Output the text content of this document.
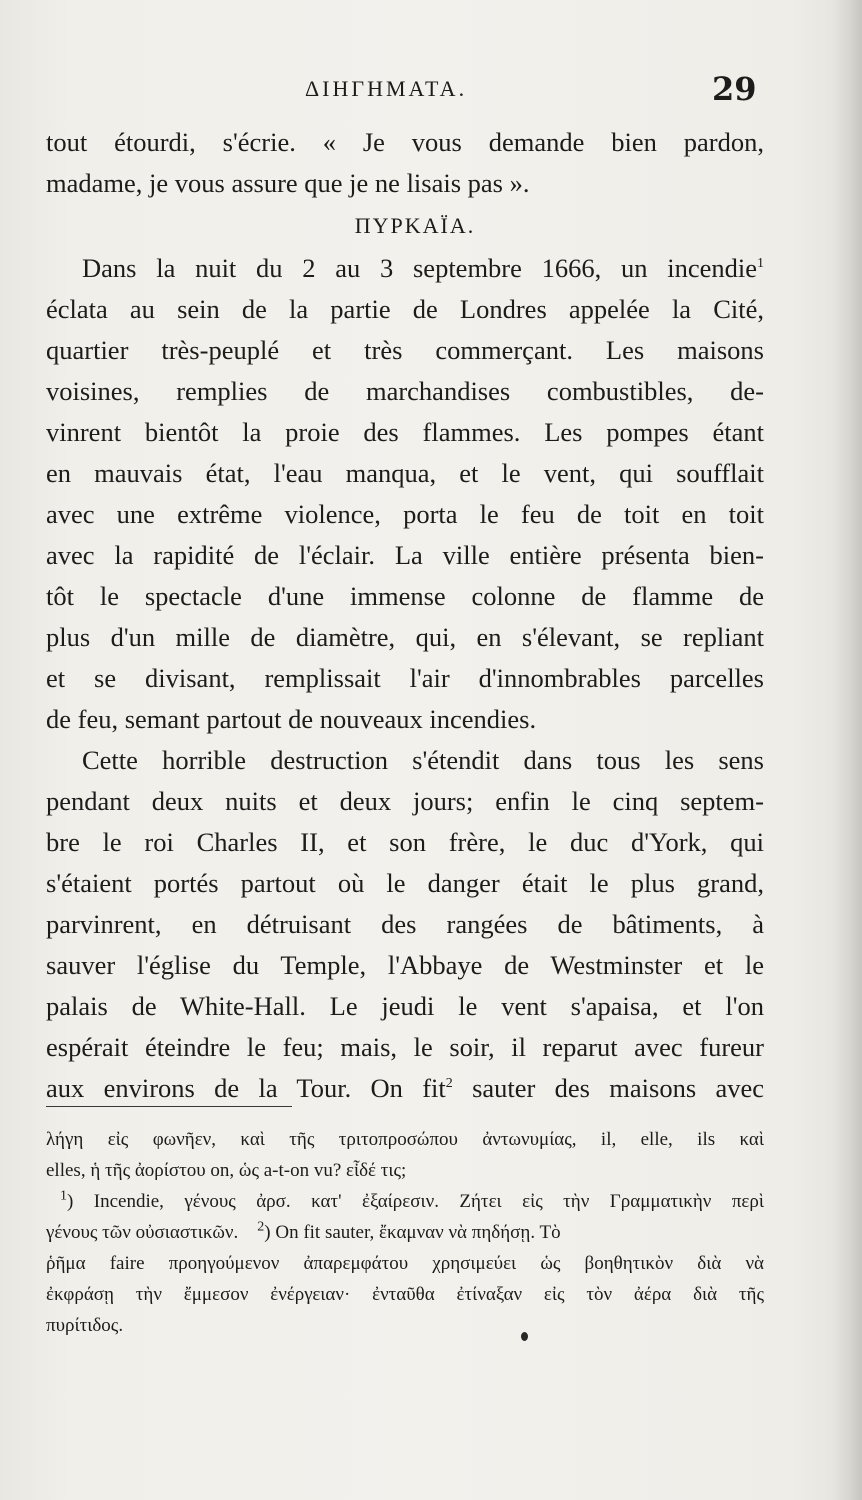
ΔΙΗΓΗΜΑΤΑ.	29
tout étourdi, s'écrie. « Je vous demande bien pardon,
madame, je vous assure que je ne lisais pas ».
ΠΥΡΚΑΪΑ.
Dans la nuit du 2 au 3 septembre 1666, un incendie$^1$
éclata au sein de la partie de Londres appelée la Cité,
quartier très-peuplé et très commerçant. Les maisons
voisines, remplies de marchandises combustibles, de-
vinrent bientôt la proie des flammes. Les pompes étant
en mauvais état, l'eau manqua, et le vent, qui soufflait
avec une extrême violence, porta le feu de toit en toit
avec la rapidité de l'éclair. La ville entière présenta bien-
tôt le spectacle d'une immense colonne de flamme de
plus d'un mille de diamètre, qui, en s'élevant, se repliant
et se divisant, remplissait l'air d'innombrables parcelles
de feu, semant partout de nouveaux incendies.
Cette horrible destruction s'étendit dans tous les sens
pendant deux nuits et deux jours; enfin le cinq septem-
bre le roi Charles II, et son frère, le duc d'York, qui
s'étaient portés partout où le danger était le plus grand,
parvinrent, en détruisant des rangées de bâtiments, à
sauver l'église du Temple, l'Abbaye de Westminster et le
palais de White-Hall. Le jeudi le vent s'apaisa, et l'on
espérait éteindre le feu; mais, le soir, il reparut avec fureur
aux environs de la Tour. On fit$^2$ sauter des maisons avec
λήγη εἰς φωνῆεν, καὶ τῆς τριτοπροσώπου ἀντωνυμίας, il, elle, ils καὶ
elles, ἡ τῆς ἀορίστου on, ὡς a-t-on vu? εἶδέ τις;
$^1$) Incendie, γένους ἀρσ. κατ' ἐξαίρεσιν. Ζήτει εἰς τὴν Γραμματικὴν περὶ
γένους τῶν οὐσιαστικῶν. $^2$) On fit sauter, ἔκαμναν νὰ πηδήσῃ. Τὸ
ῥῆμα faire προηγούμενον ἀπαρεμφάτου χρησιμεύει ὡς βοηθητικὸν διὰ νὰ
ἐκφράσῃ τὴν ἔμμεσον ἐνέργειαν· ἐνταῦθα ἐτίναξαν εἰς τὸν ἀέρα διὰ τῆς
πυρίτιδος.
